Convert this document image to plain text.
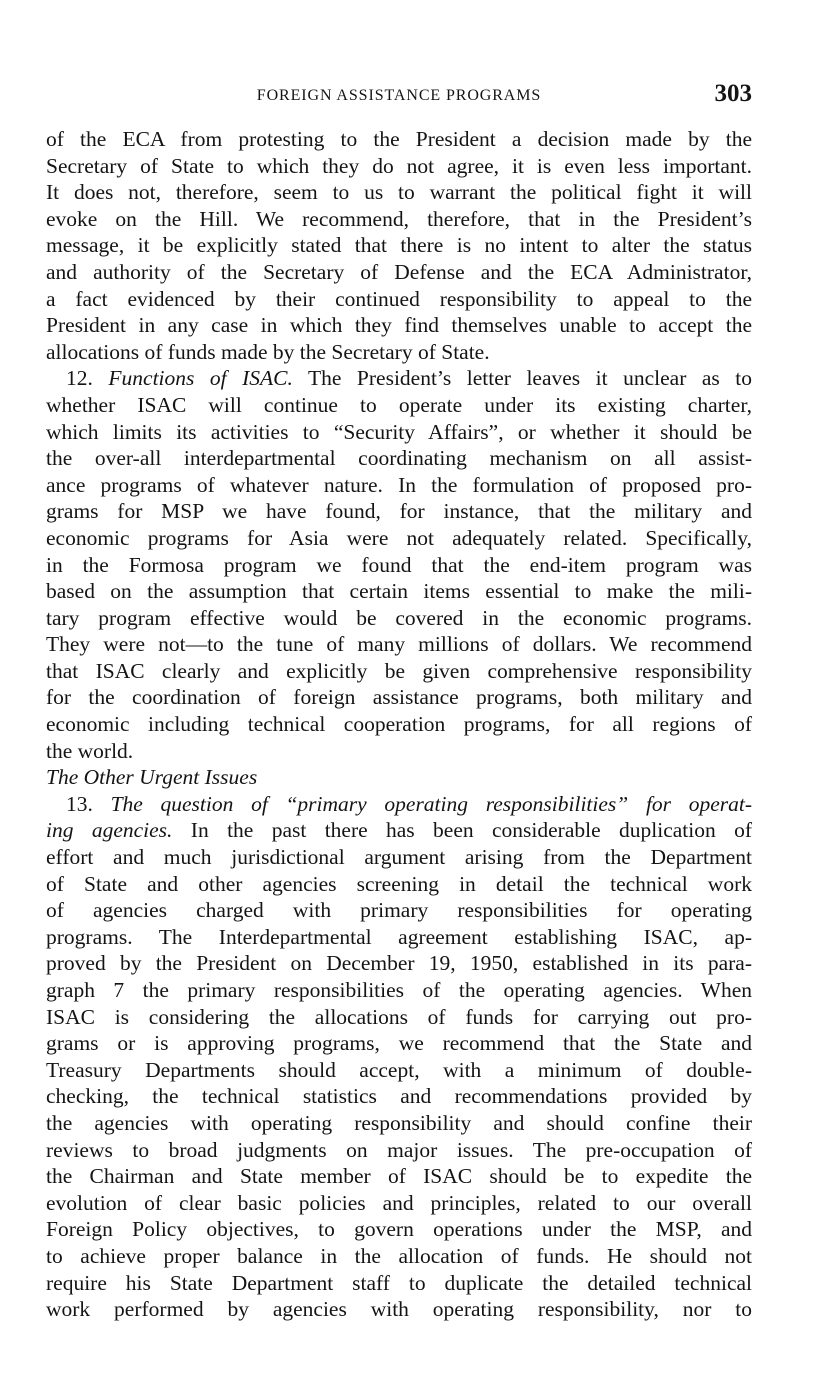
FOREIGN ASSISTANCE PROGRAMS	303
of the ECA from protesting to the President a decision made by the
Secretary of State to which they do not agree, it is even less important.
It does not, therefore, seem to us to warrant the political fight it will
evoke on the Hill. We recommend, therefore, that in the President’s
message, it be explicitly stated that there is no intent to alter the status
and authority of the Secretary of Defense and the ECA Administrator,
a fact evidenced by their continued responsibility to appeal to the
President in any case in which they find themselves unable to accept the
allocations of funds made by the Secretary of State.
12. Functions of ISAC. The President’s letter leaves it unclear as to
whether ISAC will continue to operate under its existing charter,
which limits its activities to “Security Affairs”, or whether it should be
the over-all interdepartmental coordinating mechanism on all assist-
ance programs of whatever nature. In the formulation of proposed pro-
grams for MSP we have found, for instance, that the military and
economic programs for Asia were not adequately related. Specifically,
in the Formosa program we found that the end-item program was
based on the assumption that certain items essential to make the mili-
tary program effective would be covered in the economic programs.
They were not—to the tune of many millions of dollars. We recommend
that ISAC clearly and explicitly be given comprehensive responsibility
for the coordination of foreign assistance programs, both military and
economic including technical cooperation programs, for all regions of
the world.
The Other Urgent Issues
13. The question of “primary operating responsibilities” for operat-
ing agencies. In the past there has been considerable duplication of
effort and much jurisdictional argument arising from the Department
of State and other agencies screening in detail the technical work
of agencies charged with primary responsibilities for operating
programs. The Interdepartmental agreement establishing ISAC, ap-
proved by the President on December 19, 1950, established in its para-
graph 7 the primary responsibilities of the operating agencies. When
ISAC is considering the allocations of funds for carrying out pro-
grams or is approving programs, we recommend that the State and
Treasury Departments should accept, with a minimum of double-
checking, the technical statistics and recommendations provided by
the agencies with operating responsibility and should confine their
reviews to broad judgments on major issues. The pre-occupation of
the Chairman and State member of ISAC should be to expedite the
evolution of clear basic policies and principles, related to our overall
Foreign Policy objectives, to govern operations under the MSP, and
to achieve proper balance in the allocation of funds. He should not
require his State Department staff to duplicate the detailed technical
work performed by agencies with operating responsibility, nor to
